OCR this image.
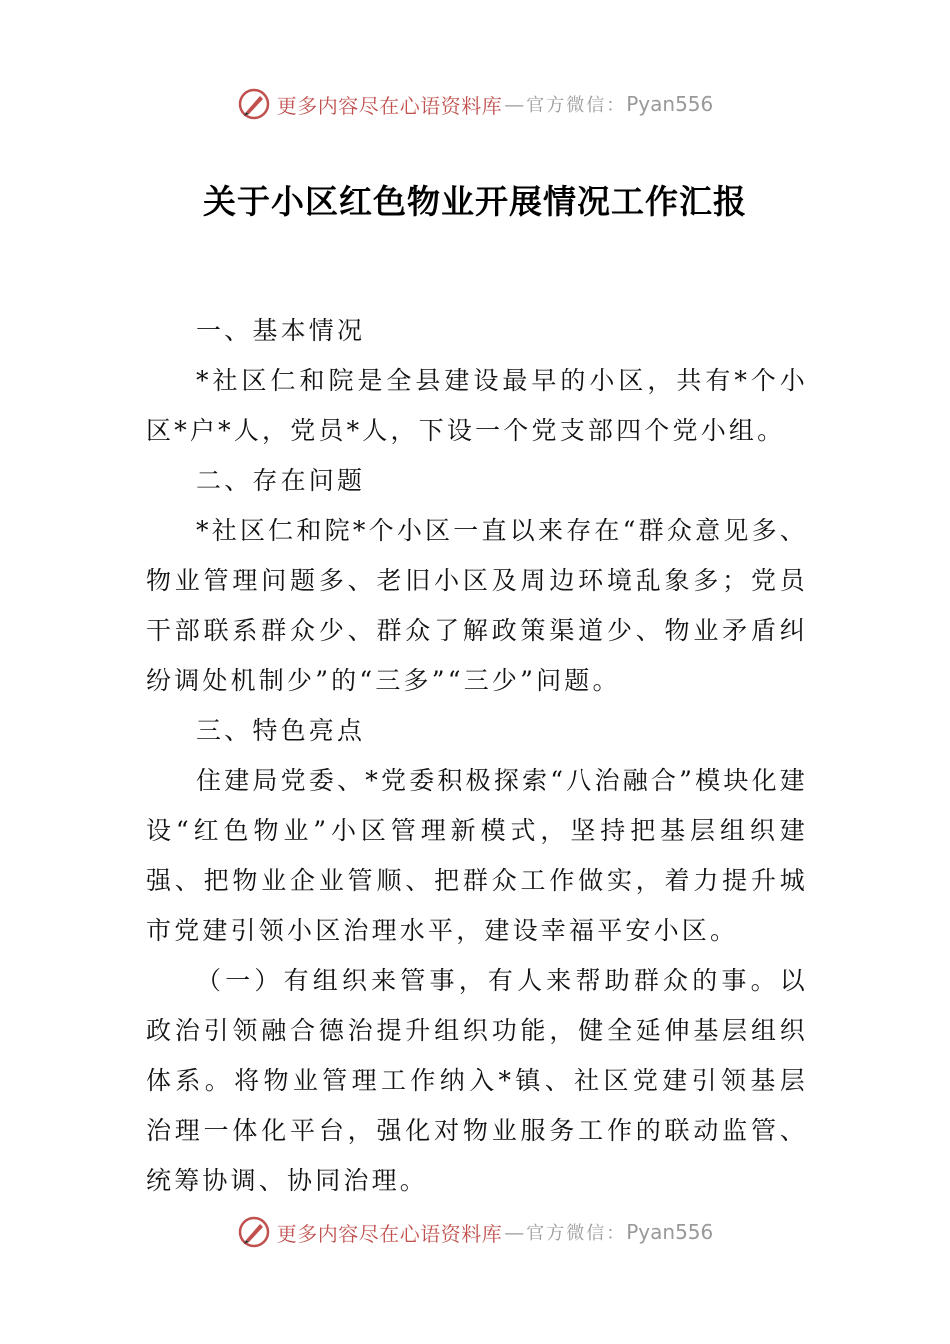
更多内容尽在心语资料库 — 官方微信： Pyan556
关于小区红色物业开展情况工作汇报

一、基本情况

*社区仁和院是全县建设最早的小区，共有*个小区*户*人，党员*人，下设一个党支部四个党小组。

二、存在问题

*社区仁和院*个小区一直以来存在“群众意见多、物业管理问题多、老旧小区及周边环境乱象多；党员干部联系群众少、群众了解政策渠道少、物业矛盾纠纷调处机制少”的“三多”“三少”问题。

三、特色亮点

住建局党委、*党委积极探索“八治融合”模块化建设“红色物业”小区管理新模式，坚持把基层组织建强、把物业企业管顺、把群众工作做实，着力提升城市党建引领小区治理水平，建设幸福平安小区。

（一）有组织来管事，有人来帮助群众的事。以政治引领融合德治提升组织功能，健全延伸基层组织体系。将物业管理工作纳入*镇、社区党建引领基层治理一体化平台，强化对物业服务工作的联动监管、统筹协调、协同治理。

更多内容尽在心语资料库 — 官方微信： Pyan556
